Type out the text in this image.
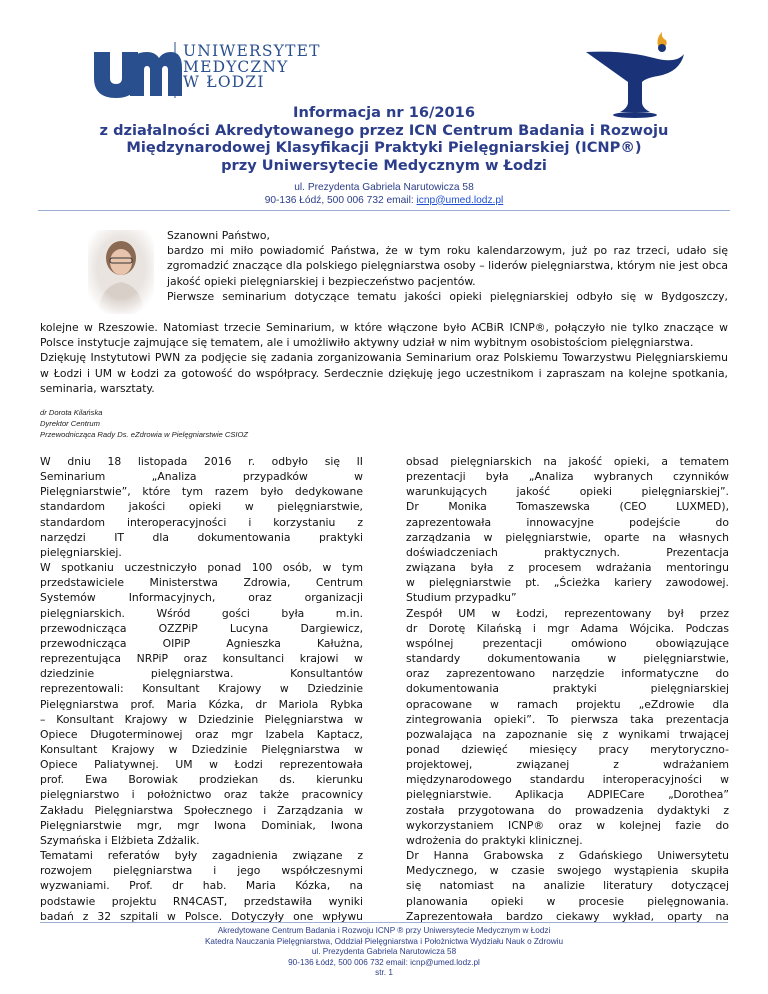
UNIWERSYTET
MEDYCZNY
W ŁODZI
Informacja nr 16/2016
z działalności Akredytowanego przez ICN Centrum Badania i Rozwoju
Międzynarodowej Klasyfikacji Praktyki Pielęgniarskiej (ICNP®)
przy Uniwersytecie Medycznym w Łodzi
ul. Prezydenta Gabriela Narutowicza 58
90-136 Łódź, 500 006 732 email: icnp@umed.lodz.pl

Szanowni Państwo,

bardzo mi miło powiadomić Państwa, że w tym roku kalendarzowym, już po raz trzeci, udało się zgromadzić znaczące dla polskiego pielęgniarstwa osoby – liderów pielęgniarstwa, którym nie jest obca jakość opieki pielęgniarskiej i bezpieczeństwo pacjentów.

Pierwsze seminarium dotyczące tematu jakości opieki pielęgniarskiej odbyło się w Bydgoszczy,

kolejne w Rzeszowie. Natomiast trzecie Seminarium, w które włączone było ACBiR ICNP®, połączyło nie tylko znaczące w Polsce instytucje zajmujące się tematem, ale i umożliwiło aktywny udział w nim wybitnym osobistościom pielęgniarstwa.

Dziękuję Instytutowi PWN za podjęcie się zadania zorganizowania Seminarium oraz Polskiemu Towarzystwu Pielęgniarskiemu w Łodzi i UM w Łodzi za gotowość do współpracy. Serdecznie dziękuję jego uczestnikom i zapraszam na kolejne spotkania, seminaria, warsztaty.

dr Dorota Kilańska
Dyrektor Centrum
Przewodnicząca Rady Ds. eZdrowia w Pielęgniarstwie CSIOZ
W dniu 18 listopada 2016 r. odbyło się II
Seminarium „Analiza przypadków w
Pielęgniarstwie”, które tym razem było dedykowane
standardom jakości opieki w pielęgniarstwie,
standardom interoperacyjności i korzystaniu z
narzędzi IT dla dokumentowania praktyki
pielęgniarskiej.
W spotkaniu uczestniczyło ponad 100 osób, w tym
przedstawiciele Ministerstwa Zdrowia, Centrum
Systemów Informacyjnych, oraz organizacji
pielęgniarskich. Wśród gości była m.in.
przewodnicząca OZZPiP Lucyna Dargiewicz,
przewodnicząca OIPiP Agnieszka Kałużna,
reprezentująca NRPiP oraz konsultanci krajowi w
dziedzinie pielęgniarstwa. Konsultantów
reprezentowali: Konsultant Krajowy w Dziedzinie
Pielęgniarstwa prof. Maria Kózka, dr Mariola Rybka
– Konsultant Krajowy w Dziedzinie Pielęgniarstwa w
Opiece Długoterminowej oraz mgr Izabela Kaptacz,
Konsultant Krajowy w Dziedzinie Pielęgniarstwa w
Opiece Paliatywnej. UM w Łodzi reprezentowała
prof. Ewa Borowiak prodziekan ds. kierunku
pielęgniarstwo i położnictwo oraz także pracownicy
Zakładu Pielęgniarstwa Społecznego i Zarządzania w
Pielęgniarstwie mgr, mgr Iwona Dominiak, Iwona
Szymańska i Elżbieta Zdżalik.
Tematami referatów były zagadnienia związane z
rozwojem pielęgniarstwa i jego współczesnymi
wyzwaniami. Prof. dr hab. Maria Kózka, na
podstawie projektu RN4CAST, przedstawiła wyniki
badań z 32 szpitali w Polsce. Dotyczyły one wpływu
obsad pielęgniarskich na jakość opieki, a tematem
prezentacji była „Analiza wybranych czynników
warunkujących jakość opieki pielęgniarskiej”.
Dr Monika Tomaszewska (CEO LUXMED),
zaprezentowała innowacyjne podejście do
zarządzania w pielęgniarstwie, oparte na własnych
doświadczeniach praktycznych. Prezentacja
związana była z procesem wdrażania mentoringu
w pielęgniarstwie pt. „Ścieżka kariery zawodowej.
Studium przypadku”
Zespół UM w Łodzi, reprezentowany był przez
dr Dorotę Kilańską i mgr Adama Wójcika. Podczas
wspólnej prezentacji omówiono obowiązujące
standardy dokumentowania w pielęgniarstwie,
oraz zaprezentowano narzędzie informatyczne do
dokumentowania praktyki pielęgniarskiej
opracowane w ramach projektu „eZdrowie dla
zintegrowania opieki”. To pierwsza taka prezentacja
pozwalająca na zapoznanie się z wynikami trwającej
ponad dziewięć miesięcy pracy merytoryczno-
projektowej, związanej z wdrażaniem
międzynarodowego standardu interoperacyjności w
pielęgniarstwie. Aplikacja ADPIECare „Dorothea”
została przygotowana do prowadzenia dydaktyki z
wykorzystaniem ICNP® oraz w kolejnej fazie do
wdrożenia do praktyki klinicznej.
Dr Hanna Grabowska z Gdańskiego Uniwersytetu
Medycznego, w czasie swojego wystąpienia skupiła
się natomiast na analizie literatury dotyczącej
planowania opieki w procesie pielęgnowania.
Zaprezentowała bardzo ciekawy wykład, oparty na
Akredytowane Centrum Badania i Rozwoju ICNP ® przy Uniwersytecie Medycznym w Łodzi
Katedra Nauczania Pielęgniarstwa, Oddział Pielęgniarstwa i Położnictwa Wydziału Nauk o Zdrowiu
ul. Prezydenta Gabriela Narutowicza 58
90-136 Łódź, 500 006 732 email: icnp@umed.lodz.pl
str. 1
